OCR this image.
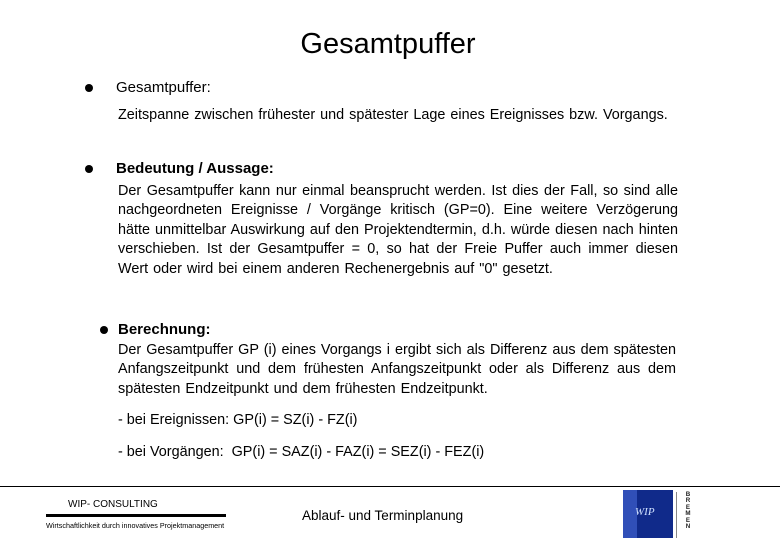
Gesamtpuffer
Gesamtpuffer:
Zeitspanne zwischen frühester und spätester Lage eines Ereignisses bzw. Vorgangs.
Bedeutung / Aussage:
Der Gesamtpuffer kann nur einmal beansprucht werden. Ist dies der Fall, so sind alle nachgeordneten Ereignisse / Vorgänge kritisch (GP=0). Eine weitere Verzögerung hätte unmittelbar Auswirkung auf den Projektendtermin, d.h. würde diesen nach hinten verschieben. Ist der Gesamtpuffer = 0, so hat der Freie Puffer auch immer diesen Wert oder wird bei einem anderen Rechenergebnis auf "0" gesetzt.
Berechnung:
Der Gesamtpuffer GP (i) eines Vorgangs i ergibt sich als Differenz aus dem spätesten Anfangszeitpunkt und dem frühesten Anfangszeitpunkt oder als Differenz aus dem spätesten Endzeitpunkt und dem frühesten Endzeitpunkt.
- bei Ereignissen: GP(i) = SZ(i) - FZ(i)
- bei Vorgängen:  GP(i) = SAZ(i) - FAZ(i) = SEZ(i) - FEZ(i)
WIP- CONSULTING
Wirtschaftlichkeit durch innovatives Projektmanagement
Ablauf- und Terminplanung	WIP
B R E M E N
